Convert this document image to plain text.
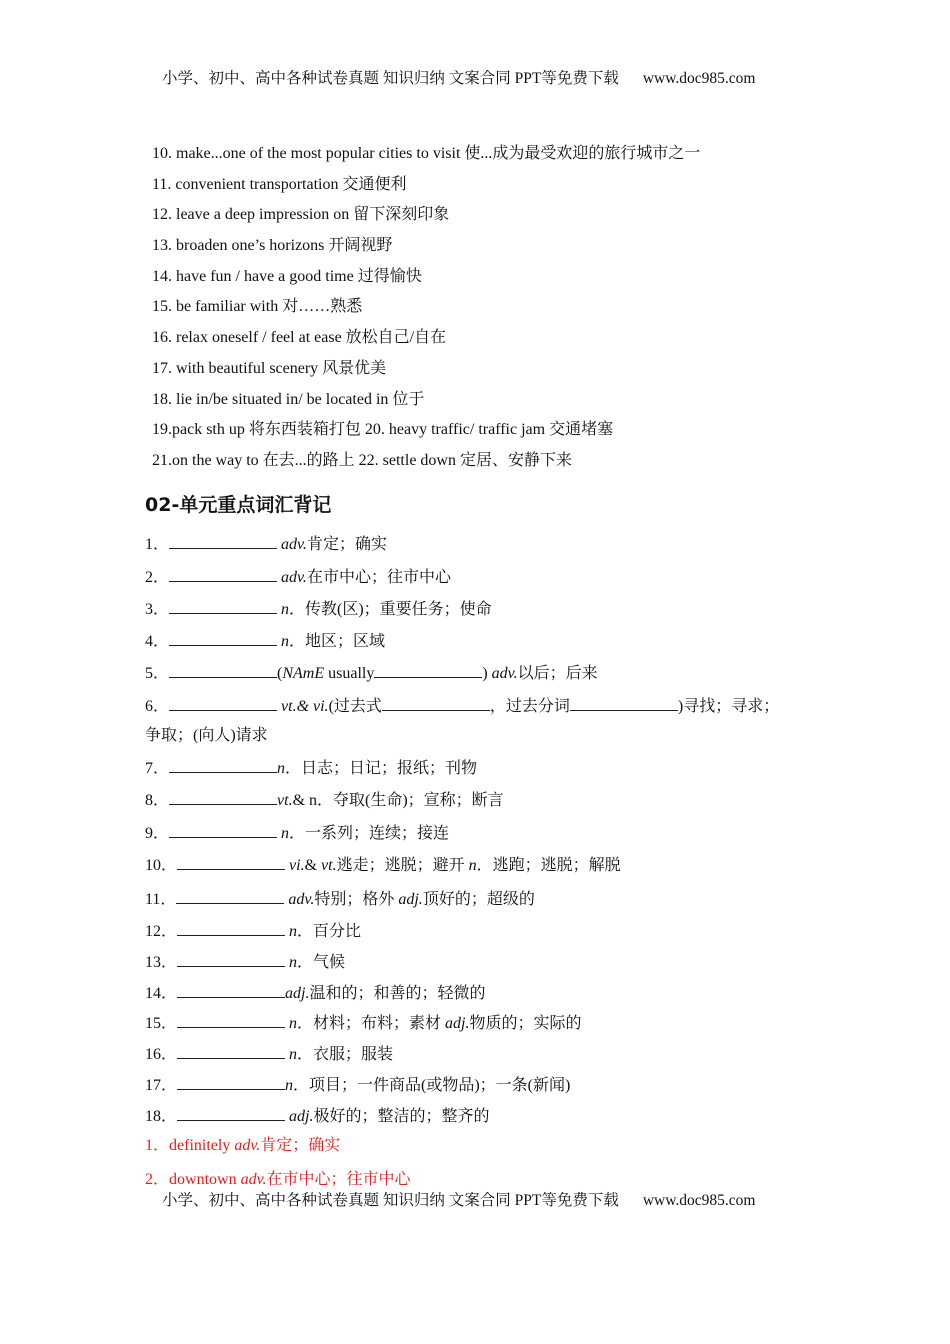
小学、初中、高中各种试卷真题 知识归纳 文案合同 PPT等免费下载 www.doc985.com
10. make...one of the most popular cities to visit 使...成为最受欢迎的旅行城市之一
11. convenient transportation 交通便利
12. leave a deep impression on 留下深刻印象
13. broaden one’s horizons 开阔视野
14. have fun / have a good time 过得愉快
15. be familiar with 对……熟悉
16. relax oneself / feel at ease 放松自己/自在
17. with beautiful scenery 风景优美
18. lie in/be situated in/ be located in 位于
19.pack sth up 将东西装箱打包 20. heavy traffic/ traffic jam 交通堵塞
21.on the way to 在去...的路上 22. settle down 定居、安静下来
02-单元重点词汇背记
1．	adv.肯定；确实
2．	adv.在市中心；往市中心
3．	n．传教(区)；重要任务；使命
4．	n．地区；区域
5．	(NAmE usually	) adv.以后；后来
6．	vt.& vi.(过去式	，过去分词	)寻找；寻求；
争取；(向人)请求
7．	n．日志；日记；报纸；刊物
8．	vt.& n．夺取(生命)；宣称；断言
9．	n．一系列；连续；接连
10．	vi.& vt.逃走；逃脱；避开 n．逃跑；逃脱；解脱
11．	adv.特别；格外 adj.顶好的；超级的
12．	n．百分比
13．	n．气候
14．	adj.温和的；和善的；轻微的
15．	n．材料；布料；素材 adj.物质的；实际的
16．	n．衣服；服装
17．	n．项目；一件商品(或物品)；一条(新闻)
18．	adj.极好的；整洁的；整齐的
1．definitely adv.肯定；确实
2．downtown adv.在市中心；往市中心
小学、初中、高中各种试卷真题 知识归纳 文案合同 PPT等免费下载 www.doc985.com
